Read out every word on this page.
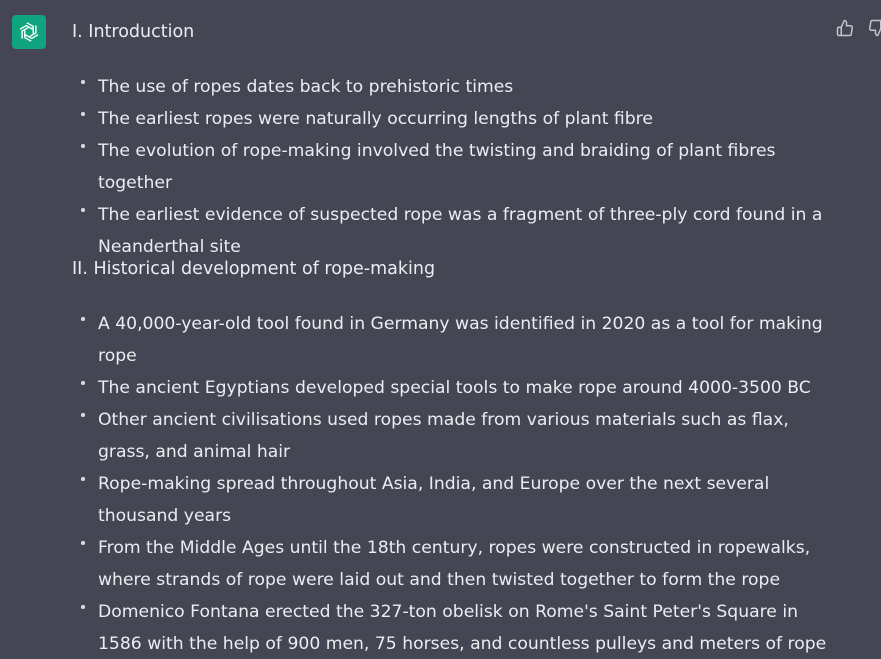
I. Introduction
The use of ropes dates back to prehistoric times
The earliest ropes were naturally occurring lengths of plant fibre
The evolution of rope-making involved the twisting and braiding of plant fibres together
The earliest evidence of suspected rope was a fragment of three-ply cord found in a Neanderthal site
II. Historical development of rope-making
A 40,000-year-old tool found in Germany was identified in 2020 as a tool for making rope
The ancient Egyptians developed special tools to make rope around 4000-3500 BC
Other ancient civilisations used ropes made from various materials such as flax, grass, and animal hair
Rope-making spread throughout Asia, India, and Europe over the next several thousand years
From the Middle Ages until the 18th century, ropes were constructed in ropewalks, where strands of rope were laid out and then twisted together to form the rope
Domenico Fontana erected the 327-ton obelisk on Rome's Saint Peter's Square in 1586 with the help of 900 men, 75 horses, and countless pulleys and meters of rope
